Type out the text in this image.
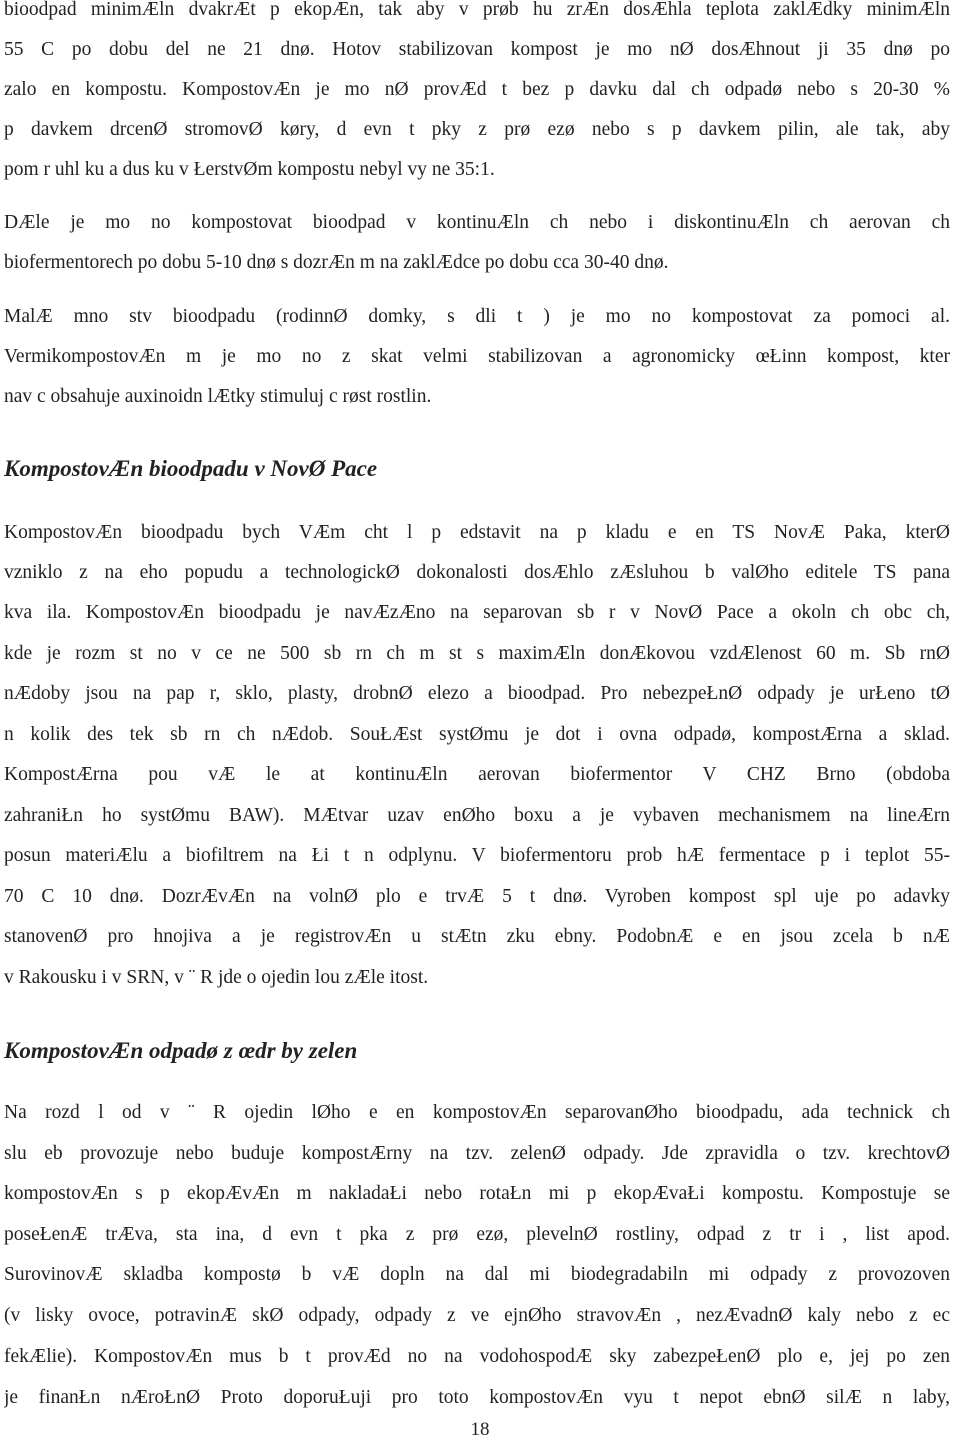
bioodpad minimÆln dvakrÆt p ekopÆn, tak aby v prøb hu zrÆn dosÆhla teplota zaklÆdky minimÆln
55 C po dobu del ne 21 dnø. Hotov stabilizovan kompost je mo nØ dosÆhnout ji 35 dnø po
zalo en kompostu. KompostovÆn je mo nØ provÆd t bez p davku dal ch odpadø nebo s 20-30 %
p davkem drcenØ stromovØ køry, d evn t pky z prø ezø nebo s p davkem pilin, ale tak, aby
pom r uhl ku a dus ku v ŁerstvØm kompostu nebyl vy ne 35:1.
DÆle je mo no kompostovat bioodpad v kontinuÆln ch nebo i diskontinuÆln ch aerovan ch
biofermentorech po dobu 5-10 dnø s dozrÆn m na zaklÆdce po dobu cca 30-40 dnø.
MalÆ mno stv bioodpadu (rodinnØ domky, s dli t ) je mo no kompostovat za pomoci al.
VermikompostovÆn m je mo no z skat velmi stabilizovan a agronomicky œŁinn kompost, kter
nav c obsahuje auxinoidn lÆtky stimuluj c røst rostlin.
KompostovÆn bioodpadu v NovØ Pace
KompostovÆn bioodpadu bych VÆm cht l p edstavit na p kladu e en TS NovÆ Paka, kterØ
vzniklo z na eho popudu a technologickØ dokonalosti dosÆhlo zÆsluhou b valØho editele TS pana
kva ila. KompostovÆn bioodpadu je navÆzÆno na separovan sb r v NovØ Pace a okoln ch obc ch,
kde je rozm st no v ce ne 500 sb rn ch m st s maximÆln donÆkovou vzdÆlenost 60 m. Sb rnØ
nÆdoby jsou na pap r, sklo, plasty, drobnØ elezo a bioodpad. Pro nebezpeŁnØ odpady je urŁeno tØ
n kolik des tek sb rn ch nÆdob. SouŁÆst systØmu je dot i ovna odpadø, kompostÆrna a sklad.
KompostÆrna pou vÆ le at kontinuÆln aerovan biofermentor V CHZ Brno (obdoba
zahraniŁn ho systØmu BAW). MÆtvar uzav enØho boxu a je vybaven mechanismem na lineÆrn
posun materiÆlu a biofiltrem na Łi t n odplynu. V biofermentoru prob hÆ fermentace p i teplot 55-
70 C 10 dnø. DozrÆvÆn na volnØ plo e trvÆ 5 t dnø. Vyroben kompost spl uje po adavky
stanovenØ pro hnojiva a je registrovÆn u stÆtn zku ebny. PodobnÆ e en jsou zcela b nÆ
v Rakousku i v SRN, v ¨ R jde o ojedin lou zÆle itost.
KompostovÆn odpadø z œdr by zelen
Na rozd l od v ¨ R ojedin lØho e en kompostovÆn separovanØho bioodpadu, ada technick ch
slu eb provozuje nebo buduje kompostÆrny na tzv. zelenØ odpady. Jde zpravidla o tzv. krechtovØ
kompostovÆn s p ekopÆvÆn m nakladaŁi nebo rotaŁn mi p ekopÆvaŁi kompostu. Kompostuje se
poseŁenÆ trÆva, sta ina, d evn t pka z prø ezø, plevelnØ rostliny, odpad z tr i , list apod.
SurovinovÆ skladba kompostø b vÆ dopln na dal mi biodegradabiln mi odpady z provozoven
(v lisky ovoce, potravinÆ skØ odpady, odpady z ve ejnØho stravovÆn , nezÆvadnØ kaly nebo z ec
fekÆlie). KompostovÆn mus b t provÆd no na vodohospodÆ sky zabezpeŁenØ plo e, jej po zen
je finanŁn nÆroŁnØ Proto doporuŁuji pro toto kompostovÆn vyu t nepot ebnØ silÆ n laby,
18
